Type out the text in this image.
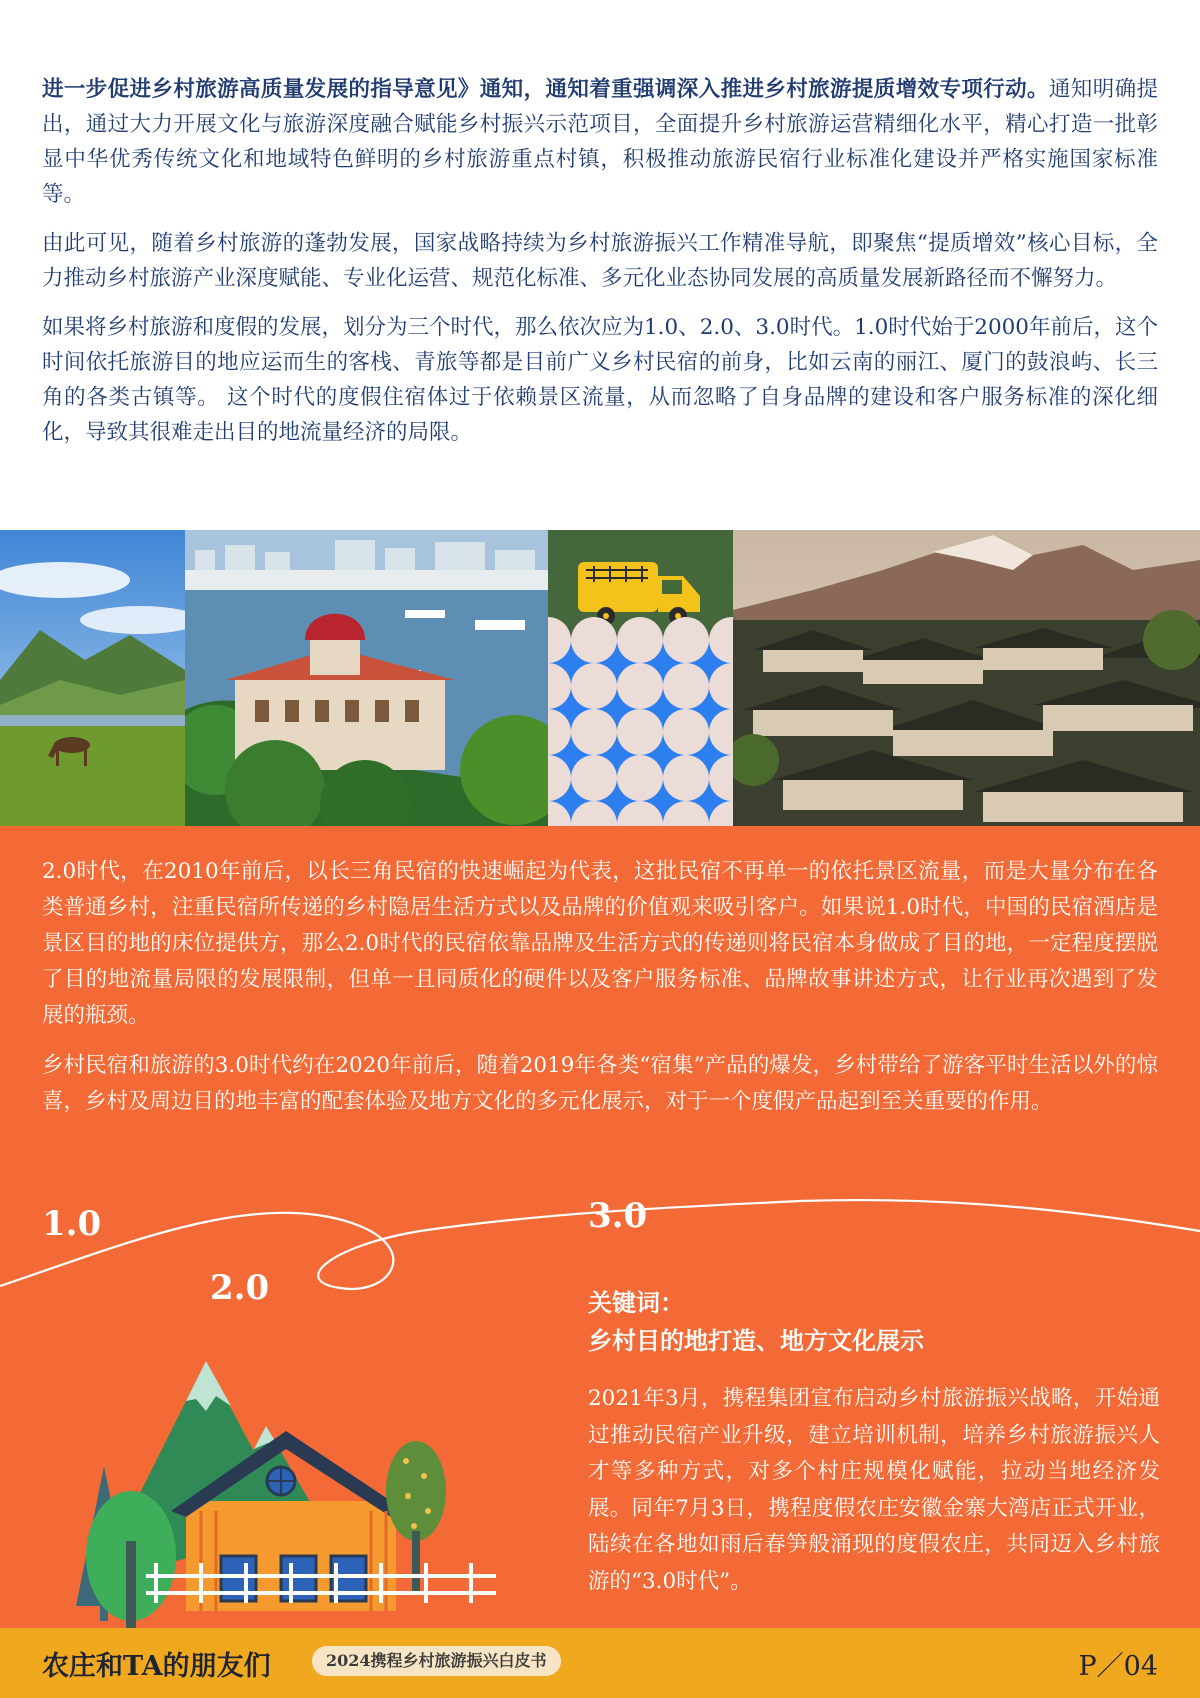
进一步促进乡村旅游高质量发展的指导意见》通知，通知着重强调深入推进乡村旅游提质增效专项行动。通知明确提出，通过大力开展文化与旅游深度融合赋能乡村振兴示范项目，全面提升乡村旅游运营精细化水平，精心打造一批彰显中华优秀传统文化和地域特色鲜明的乡村旅游重点村镇，积极推动旅游民宿行业标准化建设并严格实施国家标准等。

由此可见，随着乡村旅游的蓬勃发展，国家战略持续为乡村旅游振兴工作精准导航，即聚焦“提质增效”核心目标，全力推动乡村旅游产业深度赋能、专业化运营、规范化标准、多元化业态协同发展的高质量发展新路径而不懈努力。

如果将乡村旅游和度假的发展，划分为三个时代，那么依次应为1.0、2.0、3.0时代。1.0时代始于2000年前后，这个时间依托旅游目的地应运而生的客栈、青旅等都是目前广义乡村民宿的前身，比如云南的丽江、厦门的鼓浪屿、长三角的各类古镇等。 这个时代的度假住宿体过于依赖景区流量，从而忽略了自身品牌的建设和客户服务标准的深化细化，导致其很难走出目的地流量经济的局限。

2.0时代，在2010年前后，以长三角民宿的快速崛起为代表，这批民宿不再单一的依托景区流量，而是大量分布在各类普通乡村，注重民宿所传递的乡村隐居生活方式以及品牌的价值观来吸引客户。如果说1.0时代，中国的民宿酒店是景区目的地的床位提供方，那么2.0时代的民宿依靠品牌及生活方式的传递则将民宿本身做成了目的地，一定程度摆脱了目的地流量局限的发展限制，但单一且同质化的硬件以及客户服务标准、品牌故事讲述方式，让行业再次遇到了发展的瓶颈。

乡村民宿和旅游的3.0时代约在2020年前后，随着2019年各类“宿集”产品的爆发，乡村带给了游客平时生活以外的惊喜，乡村及周边目的地丰富的配套体验及地方文化的多元化展示，对于一个度假产品起到至关重要的作用。

1.0
2.0
3.0
关键词：
乡村目的地打造、地方文化展示
2021年3月，携程集团宣布启动乡村旅游振兴战略，开始通过推动民宿产业升级，建立培训机制，培养乡村旅游振兴人才等多种方式，对多个村庄规模化赋能，拉动当地经济发展。同年7月3日，携程度假农庄安徽金寨大湾店正式开业，陆续在各地如雨后春笋般涌现的度假农庄，共同迈入乡村旅游的“3.0时代”。
农庄和TA的朋友们	2024携程乡村旅游振兴白皮书	P／04
